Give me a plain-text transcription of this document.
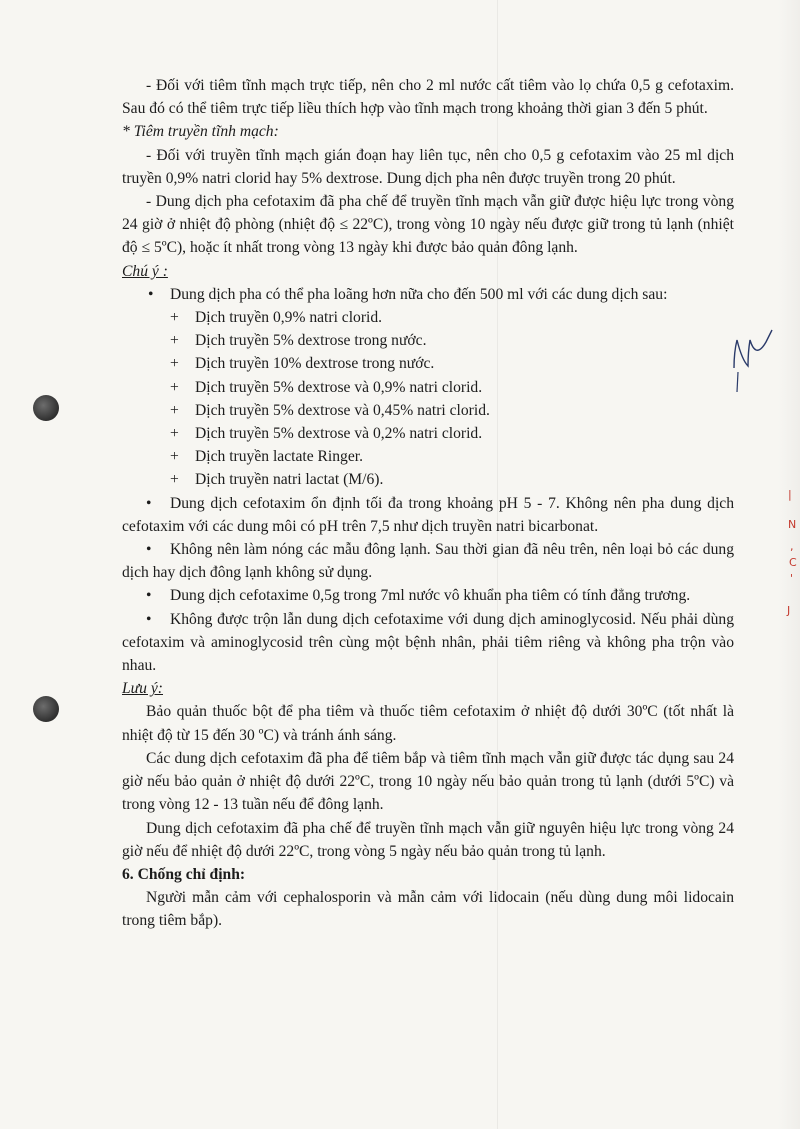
|
N
,
C
'
J

- Đối với tiêm tĩnh mạch trực tiếp, nên cho 2 ml nước cất tiêm vào lọ chứa 0,5 g cefotaxim. Sau đó có thể tiêm trực tiếp liều thích hợp vào tĩnh mạch trong khoảng thời gian 3 đến 5 phút.

* Tiêm truyền tĩnh mạch:

- Đối với truyền tĩnh mạch gián đoạn hay liên tục, nên cho 0,5 g cefotaxim vào 25 ml dịch truyền 0,9% natri clorid hay 5% dextrose. Dung dịch pha nên được truyền trong 20 phút.

- Dung dịch pha cefotaxim đã pha chế để truyền tĩnh mạch vẫn giữ được hiệu lực trong vòng 24 giờ ở nhiệt độ phòng (nhiệt độ ≤ 22ºC), trong vòng 10 ngày nếu được giữ trong tủ lạnh (nhiệt độ ≤ 5ºC), hoặc ít nhất trong vòng 13 ngày khi được bảo quản đông lạnh.

Chú ý :

• Dung dịch pha có thể pha loãng hơn nữa cho đến 500 ml với các dung dịch sau:
+ Dịch truyền 0,9% natri clorid.
+ Dịch truyền 5% dextrose trong nước.
+ Dịch truyền 10% dextrose trong nước.
+ Dịch truyền 5% dextrose và 0,9% natri clorid.
+ Dịch truyền 5% dextrose và 0,45% natri clorid.
+ Dịch truyền 5% dextrose và 0,2% natri clorid.
+ Dịch truyền lactate Ringer.
+ Dịch truyền natri lactat (M/6).

• Dung dịch cefotaxim ổn định tối đa trong khoảng pH 5 - 7. Không nên pha dung dịch cefotaxim với các dung môi có pH trên 7,5 như dịch truyền natri bicarbonat.

• Không nên làm nóng các mẫu đông lạnh. Sau thời gian đã nêu trên, nên loại bỏ các dung dịch hay dịch đông lạnh không sử dụng.

• Dung dịch cefotaxime 0,5g trong 7ml nước vô khuẩn pha tiêm có tính đẳng trương.

• Không được trộn lẫn dung dịch cefotaxime với dung dịch aminoglycosid. Nếu phải dùng cefotaxim và aminoglycosid trên cùng một bệnh nhân, phải tiêm riêng và không pha trộn vào nhau.

Lưu ý:

Bảo quản thuốc bột để pha tiêm và thuốc tiêm cefotaxim ở nhiệt độ dưới 30ºC (tốt nhất là nhiệt độ từ 15 đến 30 ºC) và tránh ánh sáng.

Các dung dịch cefotaxim đã pha để tiêm bắp và tiêm tĩnh mạch vẫn giữ được tác dụng sau 24 giờ nếu bảo quản ở nhiệt độ dưới 22ºC, trong 10 ngày nếu bảo quản trong tủ lạnh (dưới 5ºC) và trong vòng 12 - 13 tuần nếu để đông lạnh.

Dung dịch cefotaxim đã pha chế để truyền tĩnh mạch vẫn giữ nguyên hiệu lực trong vòng 24 giờ nếu để nhiệt độ dưới 22ºC, trong vòng 5 ngày nếu bảo quản trong tủ lạnh.

6. Chống chỉ định:

Người mẫn cảm với cephalosporin và mẫn cảm với lidocain (nếu dùng dung môi lidocain trong tiêm bắp).
